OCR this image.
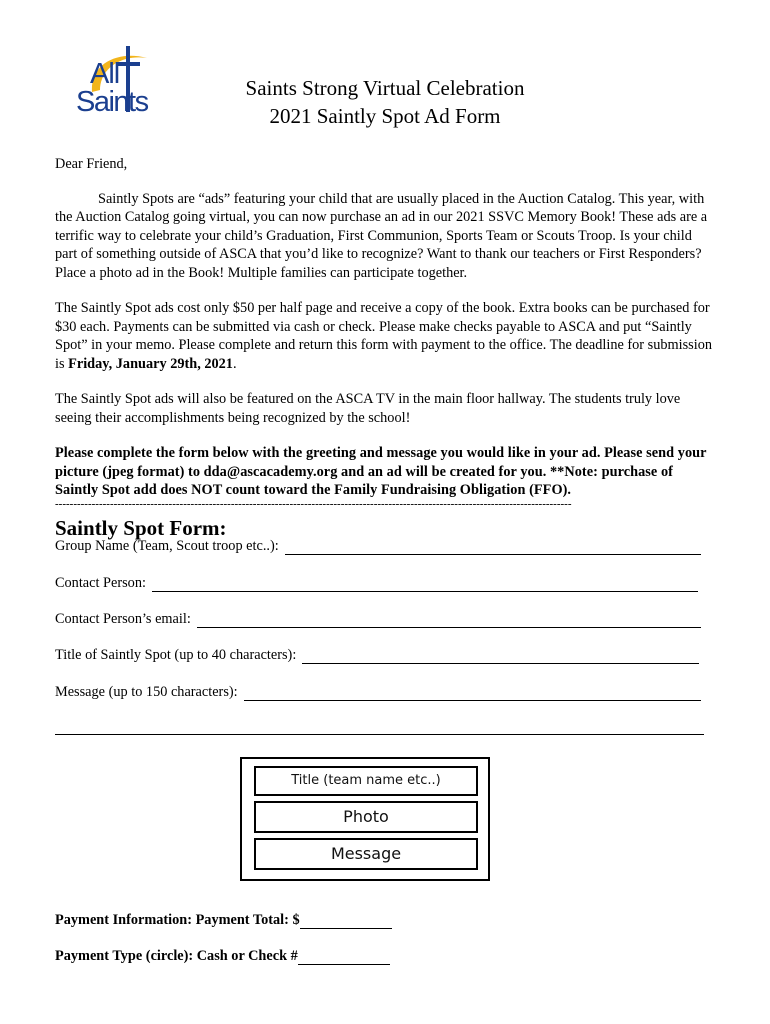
All
Saints	Saints Strong Virtual Celebration
2021 Saintly Spot Ad Form

Dear Friend,

Saintly Spots are “ads” featuring your child that are usually placed in the Auction Catalog. This year, with the Auction Catalog going virtual, you can now purchase an ad in our 2021 SSVC Memory Book! These ads are a terrific way to celebrate your child’s Graduation, First Communion, Sports Team or Scouts Troop. Is your child part of something outside of ASCA that you’d like to recognize? Want to thank our teachers or First Responders? Place a photo ad in the Book! Multiple families can participate together.

The Saintly Spot ads cost only $50 per half page and receive a copy of the book. Extra books can be purchased for $30 each. Payments can be submitted via cash or check. Please make checks payable to ASCA and put “Saintly Spot” in your memo. Please complete and return this form with payment to the office. The deadline for submission is Friday, January 29th, 2021.

The Saintly Spot ads will also be featured on the ASCA TV in the main floor hallway. The students truly love seeing their accomplishments being recognized by the school!

Please complete the form below with the greeting and message you would like in your ad. Please send your picture (jpeg format) to dda@ascacademy.org and an ad will be created for you. **Note: purchase of Saintly Spot add does NOT count toward the Family Fundraising Obligation (FFO).

---------------------------------------------------------------------------------------------------------------------------------------------
Saintly Spot Form:
Group Name (Team, Scout troop etc..):
Contact Person:
Contact Person’s email:
Title of Saintly Spot (up to 40 characters):
Message (up to 150 characters):
Title (team name etc..)
Photo
Message
Payment Information: Payment Total: $
Payment Type (circle): Cash or Check #
